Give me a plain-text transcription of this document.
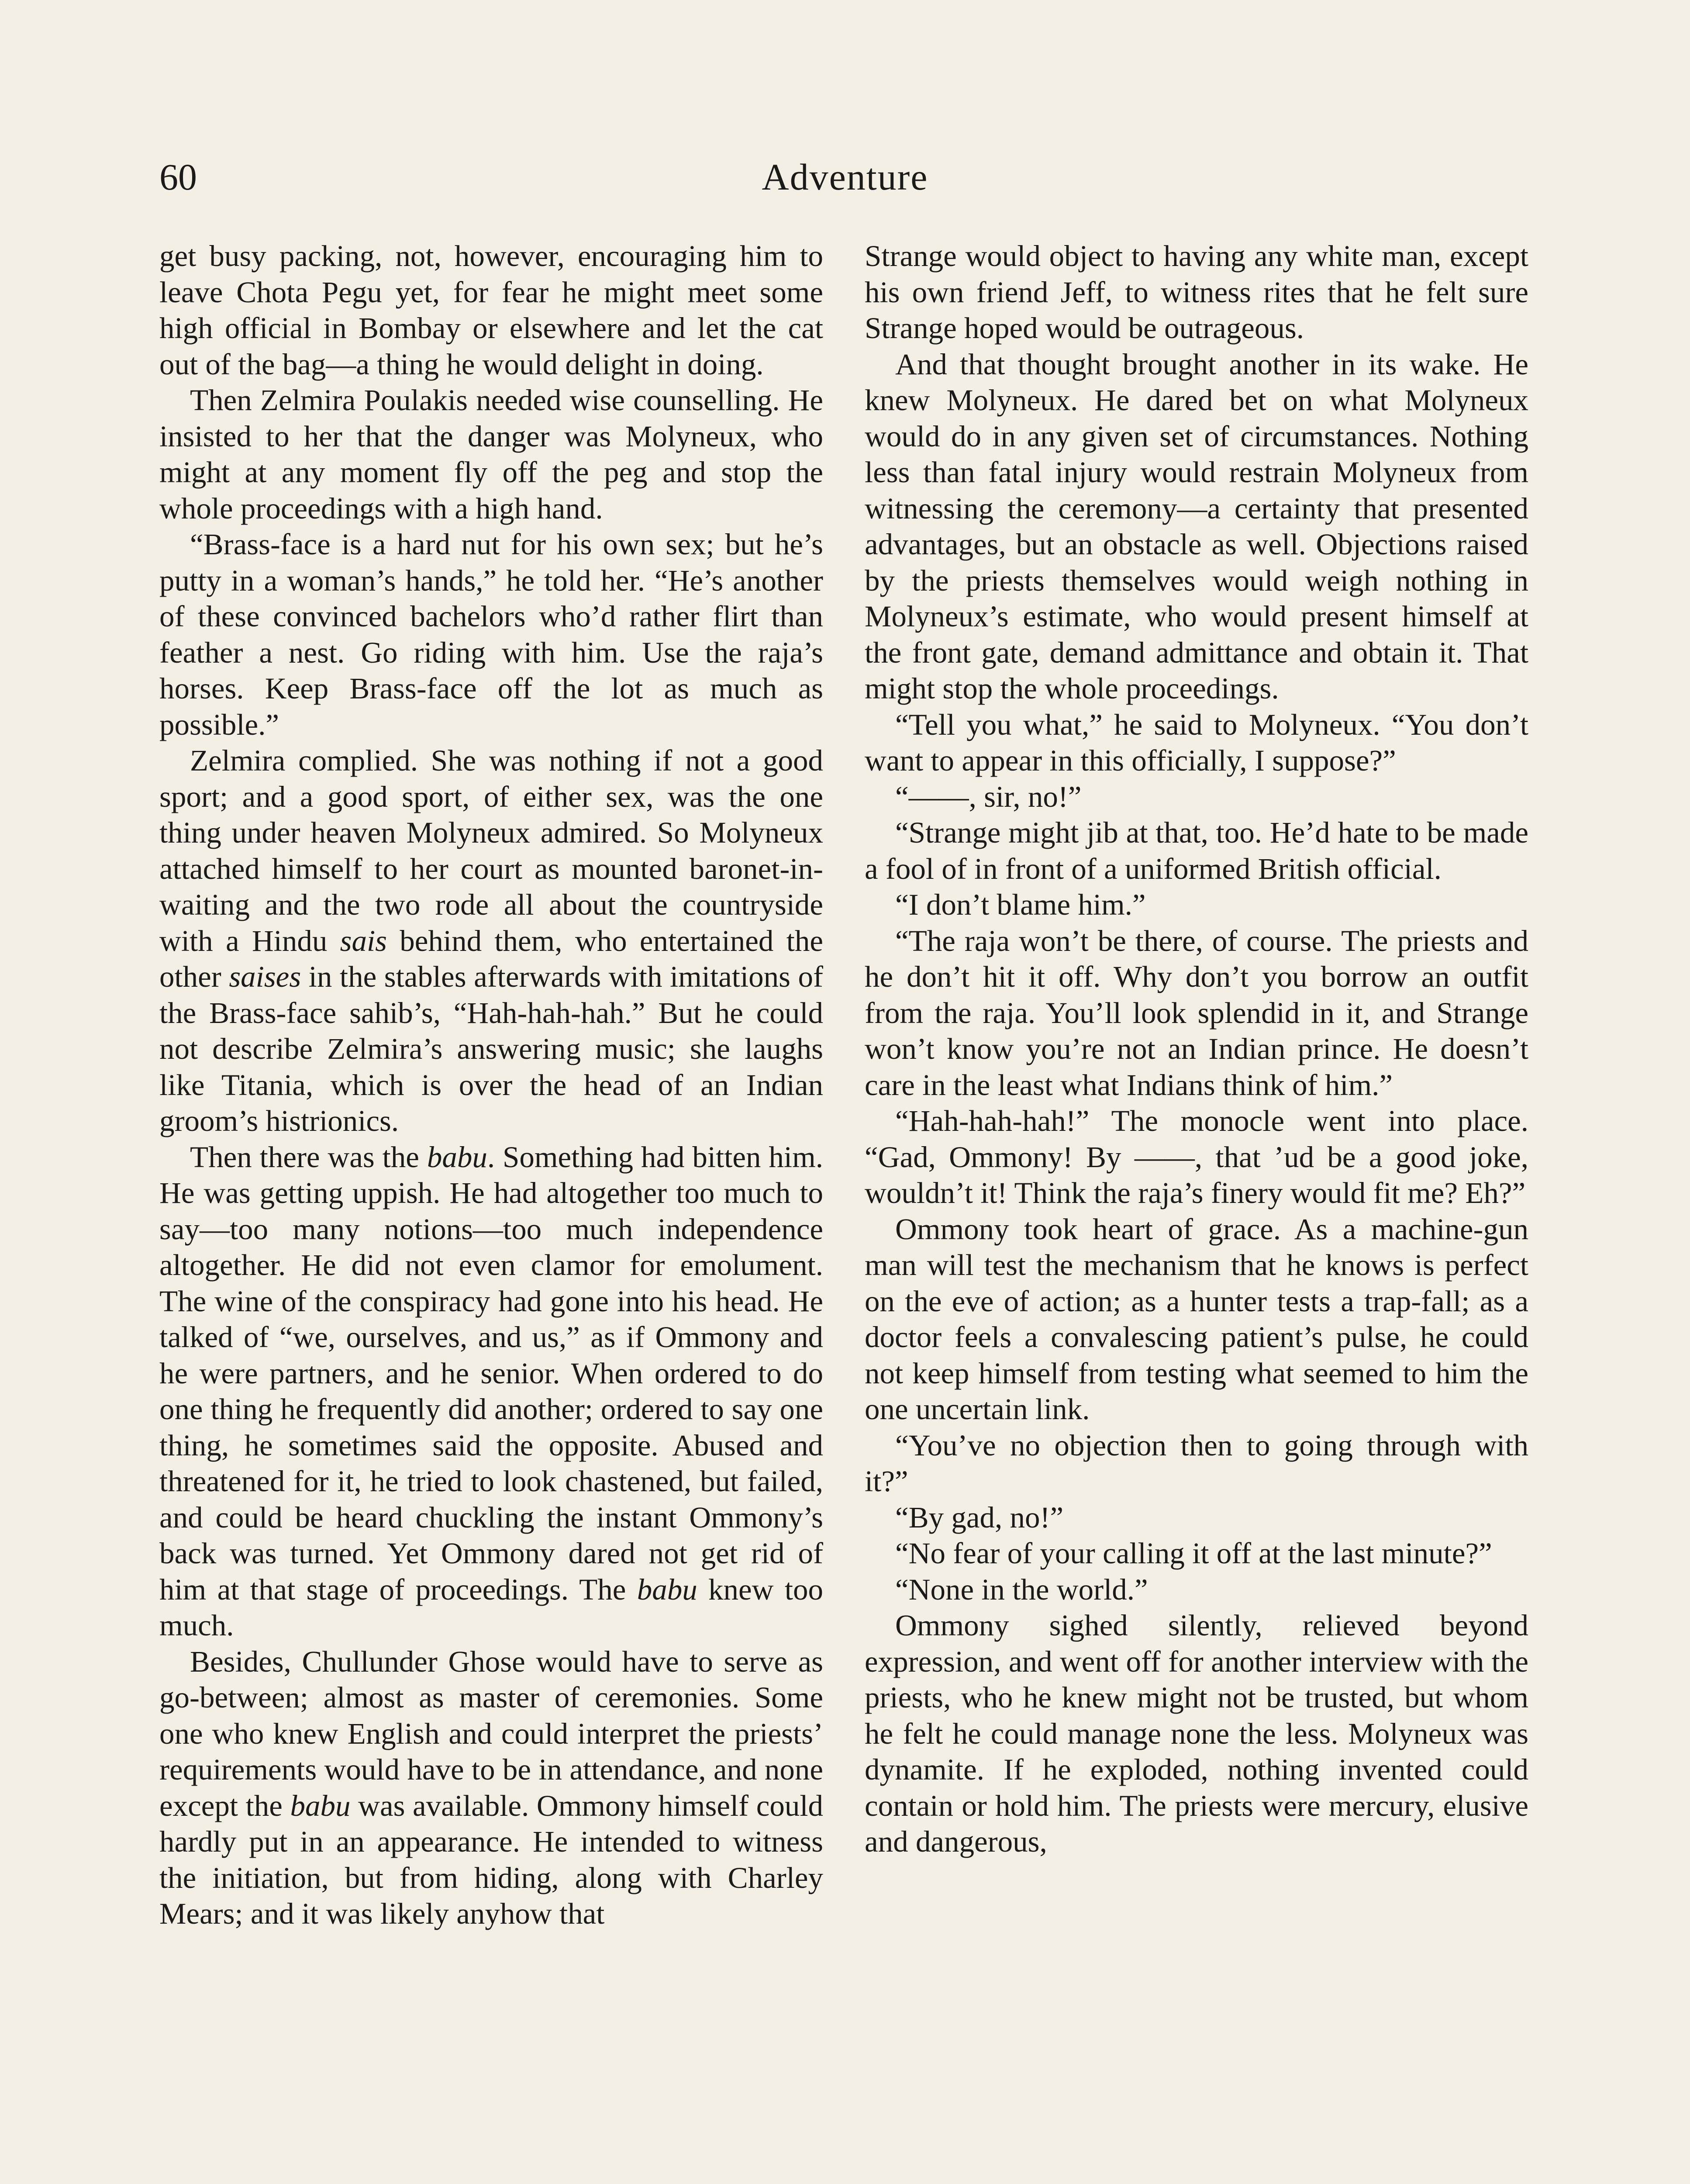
60	Adventure

get busy packing, not, however, encouraging him to leave Chota Pegu yet, for fear he might meet some high official in Bombay or elsewhere and let the cat out of the bag—a thing he would delight in doing.

Then Zelmira Poulakis needed wise counselling. He insisted to her that the danger was Molyneux, who might at any moment fly off the peg and stop the whole proceedings with a high hand.

“Brass-face is a hard nut for his own sex; but he’s putty in a woman’s hands,” he told her. “He’s another of these convinced bachelors who’d rather flirt than feather a nest. Go riding with him. Use the raja’s horses. Keep Brass-face off the lot as much as possible.”

Zelmira complied. She was nothing if not a good sport; and a good sport, of either sex, was the one thing under heaven Molyneux admired. So Molyneux attached himself to her court as mounted baronet-in-waiting and the two rode all about the countryside with a Hindu sais behind them, who entertained the other saises in the stables afterwards with imitations of the Brass-face sahib’s, “Hah-hah-hah.” But he could not describe Zelmira’s answering music; she laughs like Titania, which is over the head of an Indian groom’s histrionics.

Then there was the babu. Something had bitten him. He was getting uppish. He had altogether too much to say—too many notions—too much independence altogether. He did not even clamor for emolument. The wine of the conspiracy had gone into his head. He talked of “we, ourselves, and us,” as if Ommony and he were partners, and he senior. When ordered to do one thing he frequently did another; ordered to say one thing, he sometimes said the opposite. Abused and threatened for it, he tried to look chastened, but failed, and could be heard chuckling the instant Ommony’s back was turned. Yet Ommony dared not get rid of him at that stage of proceedings. The babu knew too much.

Besides, Chullunder Ghose would have to serve as go-between; almost as master of ceremonies. Some one who knew English and could interpret the priests’ requirements would have to be in attendance, and none except the babu was available. Ommony himself could hardly put in an appearance. He intended to witness the initiation, but from hiding, along with Charley Mears; and it was likely anyhow that

Strange would object to having any white man, except his own friend Jeff, to witness rites that he felt sure Strange hoped would be outrageous.

And that thought brought another in its wake. He knew Molyneux. He dared bet on what Molyneux would do in any given set of circumstances. Nothing less than fatal injury would restrain Molyneux from witnessing the ceremony—a certainty that presented advantages, but an obstacle as well. Objections raised by the priests themselves would weigh nothing in Molyneux’s estimate, who would present himself at the front gate, demand admittance and obtain it. That might stop the whole proceedings.

“Tell you what,” he said to Molyneux. “You don’t want to appear in this officially, I suppose?”

“——, sir, no!”

“Strange might jib at that, too. He’d hate to be made a fool of in front of a uniformed British official.

“I don’t blame him.”

“The raja won’t be there, of course. The priests and he don’t hit it off. Why don’t you borrow an outfit from the raja. You’ll look splendid in it, and Strange won’t know you’re not an Indian prince. He doesn’t care in the least what Indians think of him.”

“Hah-hah-hah!” The monocle went into place. “Gad, Ommony! By ——, that ’ud be a good joke, wouldn’t it! Think the raja’s finery would fit me? Eh?”

Ommony took heart of grace. As a machine-gun man will test the mechanism that he knows is perfect on the eve of action; as a hunter tests a trap-fall; as a doctor feels a convalescing patient’s pulse, he could not keep himself from testing what seemed to him the one uncertain link.

“You’ve no objection then to going through with it?”

“By gad, no!”

“No fear of your calling it off at the last minute?”

“None in the world.”

Ommony sighed silently, relieved beyond expression, and went off for another interview with the priests, who he knew might not be trusted, but whom he felt he could manage none the less. Molyneux was dynamite. If he exploded, nothing invented could contain or hold him. The priests were mercury, elusive and dangerous,
